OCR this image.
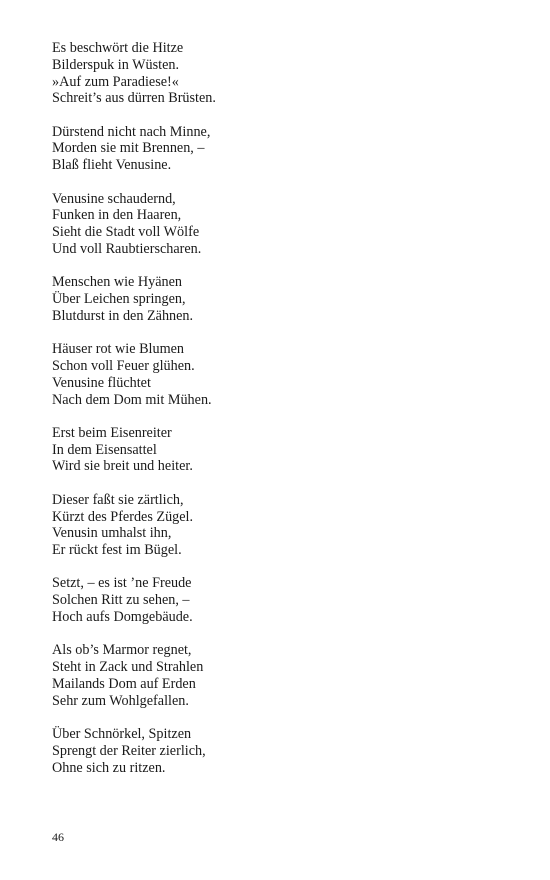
Es beschwört die Hitze
Bilderspuk in Wüsten.
»Auf zum Paradiese!«
Schreit’s aus dürren Brüsten.
Dürstend nicht nach Minne,
Morden sie mit Brennen, –
Blaß flieht Venusine.
Venusine schaudernd,
Funken in den Haaren,
Sieht die Stadt voll Wölfe
Und voll Raubtierscharen.
Menschen wie Hyänen
Über Leichen springen,
Blutdurst in den Zähnen.
Häuser rot wie Blumen
Schon voll Feuer glühen.
Venusine flüchtet
Nach dem Dom mit Mühen.
Erst beim Eisenreiter
In dem Eisensattel
Wird sie breit und heiter.
Dieser faßt sie zärtlich,
Kürzt des Pferdes Zügel.
Venusin umhalst ihn,
Er rückt fest im Bügel.
Setzt, – es ist ’ne Freude
Solchen Ritt zu sehen, –
Hoch aufs Domgebäude.
Als ob’s Marmor regnet,
Steht in Zack und Strahlen
Mailands Dom auf Erden
Sehr zum Wohlgefallen.
Über Schnörkel, Spitzen
Sprengt der Reiter zierlich,
Ohne sich zu ritzen.
46
